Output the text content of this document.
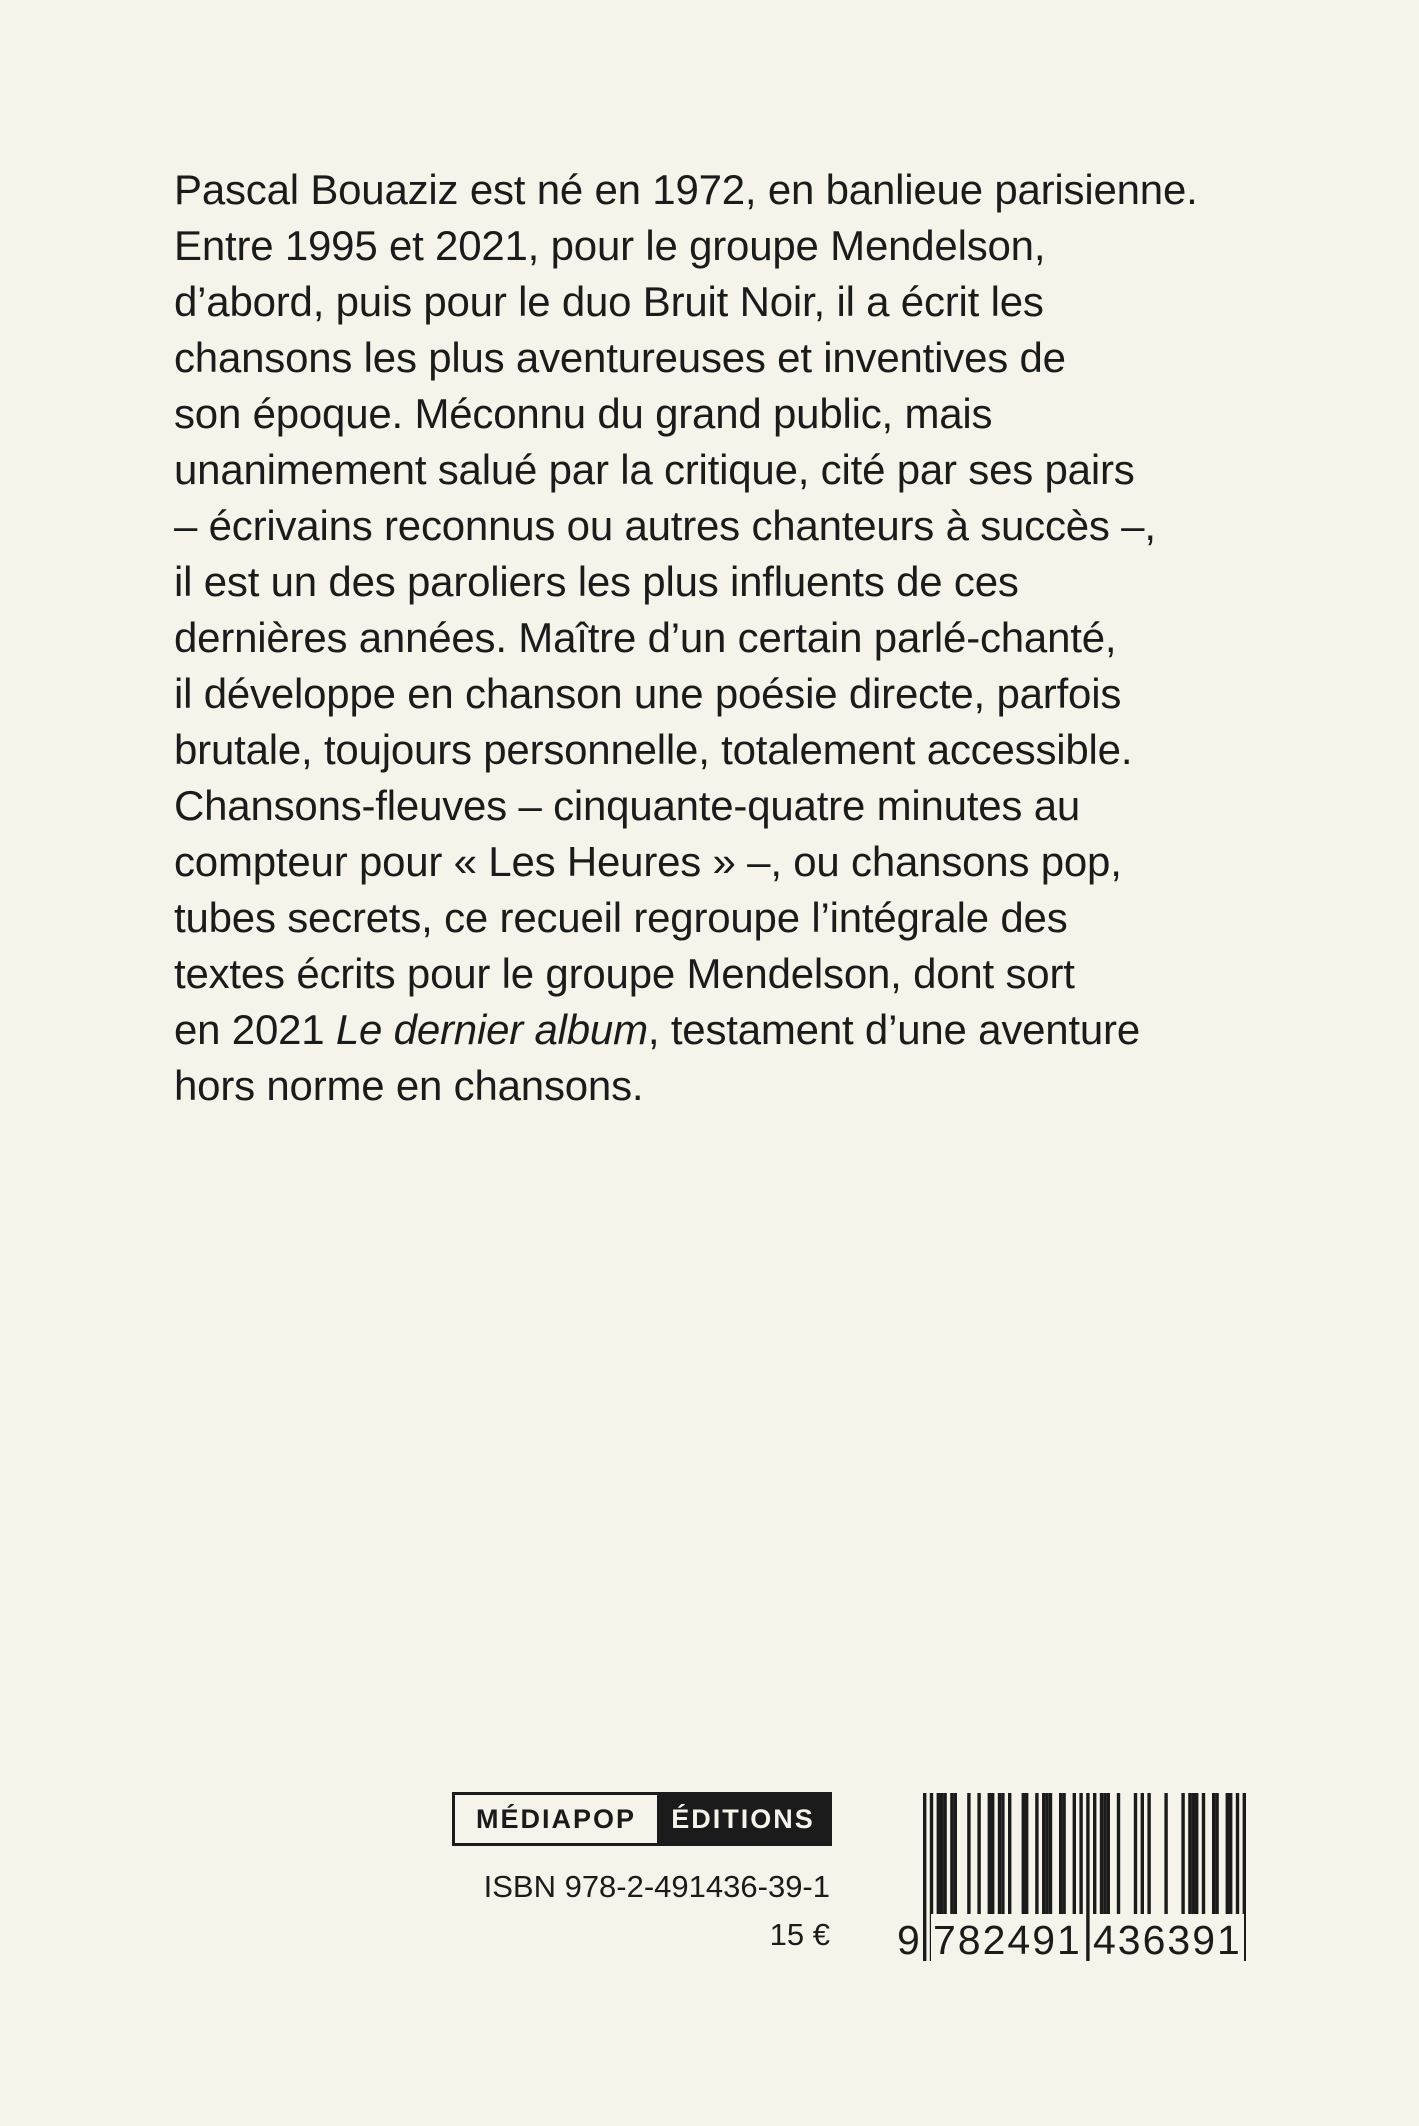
Pascal Bouaziz est né en 1972, en banlieue parisienne.
Entre 1995 et 2021, pour le groupe Mendelson,
d’abord, puis pour le duo Bruit Noir, il a écrit les
chansons les plus aventureuses et inventives de
son époque. Méconnu du grand public, mais
unanimement salué par la critique, cité par ses pairs
– écrivains reconnus ou autres chanteurs à succès –,
il est un des paroliers les plus influents de ces
dernières années. Maître d’un certain parlé-chanté,
il développe en chanson une poésie directe, parfois
brutale, toujours personnelle, totalement accessible.
Chansons-fleuves – cinquante-quatre minutes au
compteur pour « Les Heures » –, ou chansons pop,
tubes secrets, ce recueil regroupe l’intégrale des
textes écrits pour le groupe Mendelson, dont sort
en 2021 Le dernier album, testament d’une aventure
hors norme en chansons.
MÉDIAPOP	ÉDITIONS
ISBN 978-2-491436-39-1
15 € 9 782491 436391
